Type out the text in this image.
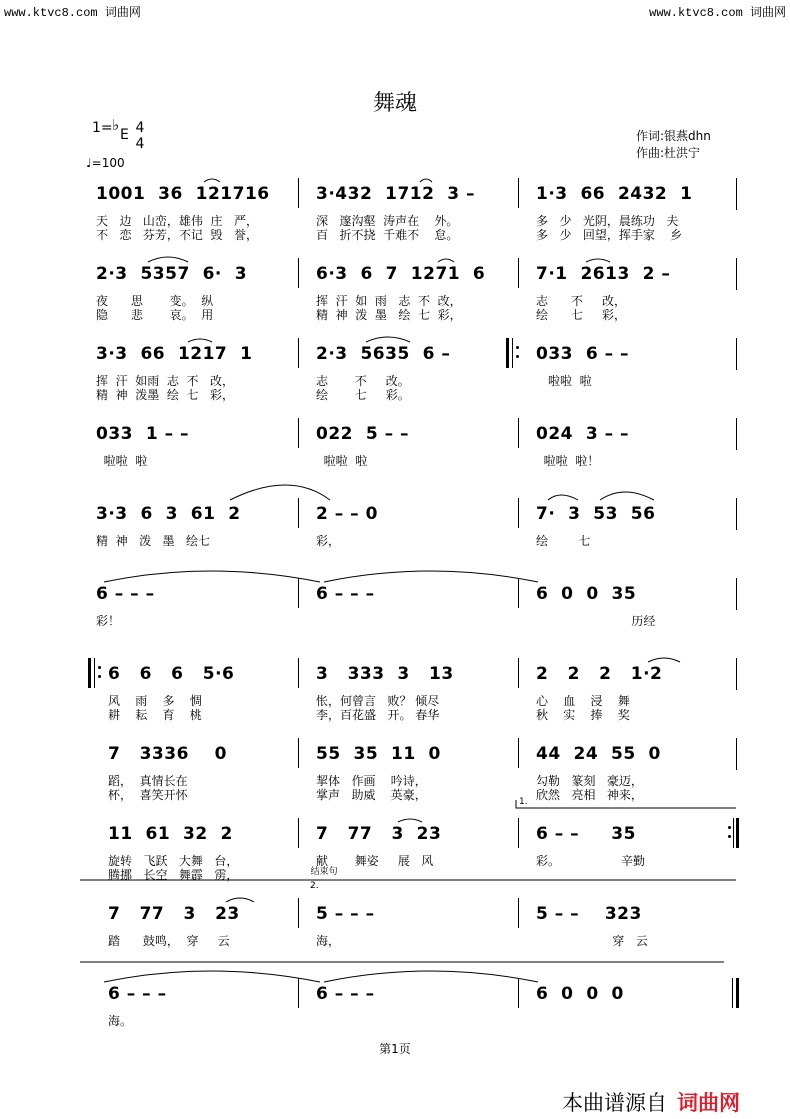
www.ktvc8.com 词曲网	www.ktvc8.com 词曲网
舞魂
1= ♭
E 4
4
♩=100
作词:银燕dhn
作曲:杜洪宁
1001  36  121716	3·432  1712  3 –	1·3  66  2432  1
天   边   山峦，雄伟  庄   严，	深   邃沟壑  涛声在    外。	多   少   光阴，晨练功   夫
不   恋   芬芳，不记  毁   誉，	百   折不挠  千难不    怠。	多   少   回望，挥手家    乡
2·3  5357  6·  3	6·3  6  7  1271  6	7·1  2613  2 –
夜      思       变。  纵	挥  汗  如  雨   志  不  改，	志      不     改，
隐      悲       哀。  用	精  神  泼  墨   绘  七  彩，	绘      七     彩，
3·3  66  1217  1	2·3  5635  6 –	033  6 – –
挥  汗  如雨  志  不   改，	志       不     改。	啦啦  啦
精  神  泼墨  绘  七   彩，	绘       七     彩。
033  1 – –	022  5 – –	024  3 – –
啦啦  啦	啦啦  啦	啦啦  啦！
3·3  6  3  61  2	2 – – 0	7·  3  53  56
精  神   泼   墨   绘七	彩，	绘        七
6 – – –	6 – – –	6  0  0  35
彩！	历经
6   6   6   5·6	3   333  3   13	2   2   2   1·2
风    雨    多    惆	怅，何曾言   败？ 倾尽	心    血    浸    舞
耕    耘    育    桃	李，百花盛   开。 春华	秋    实    捧    奖
7   3336    0	55  35  11  0	44  24  55  0
蹈，  真情长在	挈体   作画    吟诗，	勾勒   篆刻   豪迈，
杯，  喜笑开怀	掌声   助威    英豪，	欣然   亮相   神来，
11  61  32  2	7   77   3  23	6 – –     35
旋转   飞跃   大舞   台，	献       舞姿     展   风	彩。                辛勤
腾挪   长空   舞霹   雳，	结束句
7   77   3   23	5 – – –	5 – –    323
踏      鼓鸣，  穿     云	海，	穿   云
6 – – –	6 – – –	6  0  0  0
海。
1.
2.
第1页
本曲谱源自 词曲网
